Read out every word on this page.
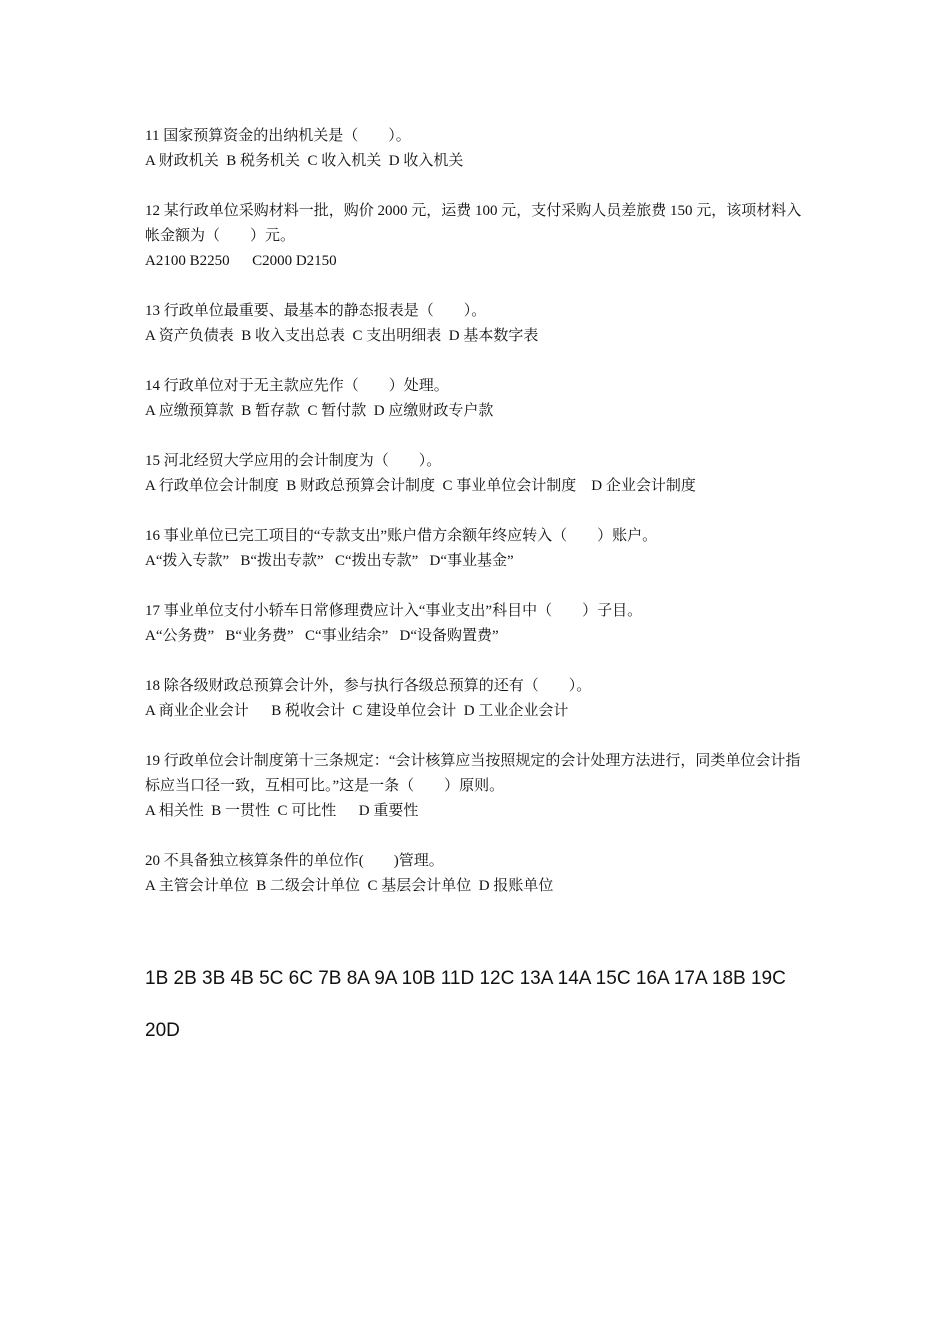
11 国家预算资金的出纳机关是（　　）。
A 财政机关  B 税务机关  C 收入机关  D 收入机关
12 某行政单位采购材料一批，购价 2000 元，运费 100 元，支付采购人员差旅费 150 元，该项材料入帐金额为（　　）元。
A2100 B2250      C2000 D2150
13 行政单位最重要、最基本的静态报表是（　　）。
A 资产负债表  B 收入支出总表  C 支出明细表  D 基本数字表
14 行政单位对于无主款应先作（　　）处理。
A 应缴预算款  B 暂存款  C 暂付款  D 应缴财政专户款
15 河北经贸大学应用的会计制度为（　　）。
A 行政单位会计制度  B 财政总预算会计制度  C 事业单位会计制度    D 企业会计制度
16 事业单位已完工项目的“专款支出”账户借方余额年终应转入（　　）账户。
A“拨入专款”   B“拨出专款”   C“拨出专款”   D“事业基金”
17 事业单位支付小轿车日常修理费应计入“事业支出”科目中（　　）子目。
A“公务费”   B“业务费”   C“事业结余”   D“设备购置费”
18 除各级财政总预算会计外，参与执行各级总预算的还有（　　）。
A 商业企业会计      B 税收会计  C 建设单位会计  D 工业企业会计
19 行政单位会计制度第十三条规定：“会计核算应当按照规定的会计处理方法进行，同类单位会计指标应当口径一致，互相可比。”这是一条（　　）原则。
A 相关性  B 一贯性  C 可比性      D 重要性
20 不具备独立核算条件的单位作(　　)管理。
A 主管会计单位  B 二级会计单位  C 基层会计单位  D 报账单位
1B 2B 3B 4B 5C 6C 7B 8A 9A 10B 11D 12C 13A 14A 15C 16A 17A 18B 19C 20D
